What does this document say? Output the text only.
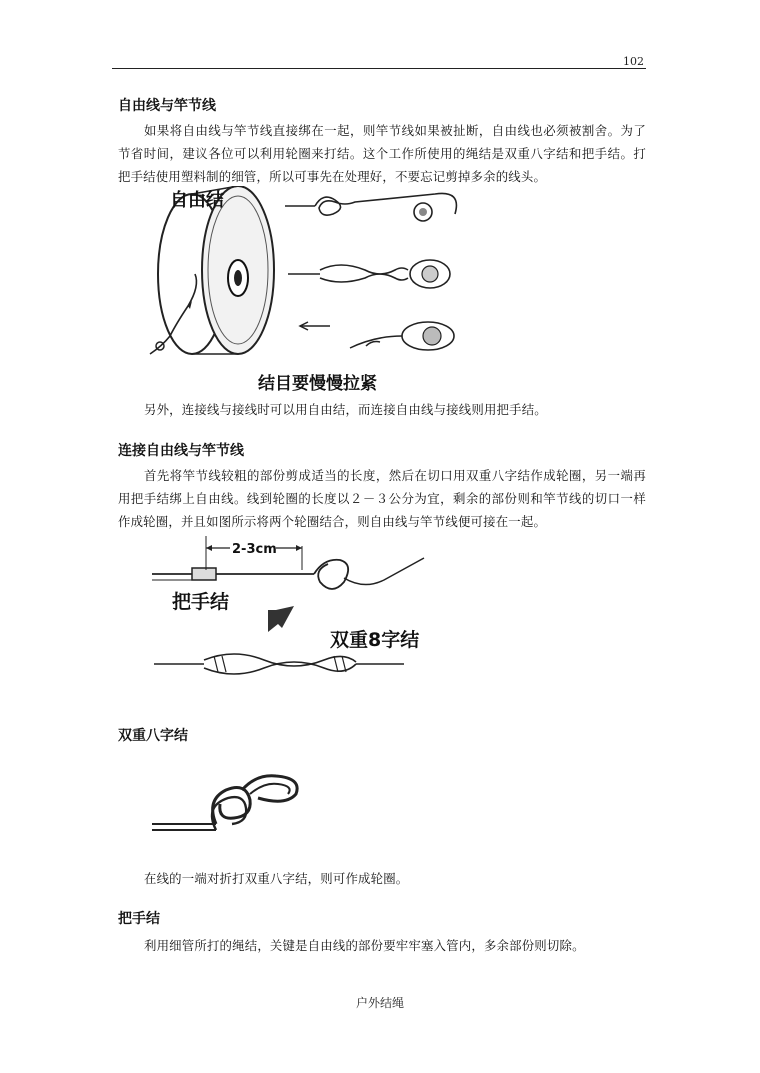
102
自由线与竿节线

如果将自由线与竿节线直接绑在一起，则竿节线如果被扯断，自由线也必须被割舍。为了节省时间，建议各位可以利用轮圈来打结。这个工作所使用的绳结是双重八字结和把手结。打把手结使用塑料制的细管，所以可事先在处理好，不要忘记剪掉多余的线头。

自由结
结目要慢慢拉紧

另外，连接线与接线时可以用自由结，而连接自由线与接线则用把手结。

连接自由线与竿节线

首先将竿节线较粗的部份剪成适当的长度，然后在切口用双重八字结作成轮圈，另一端再用把手结绑上自由线。线到轮圈的长度以２－３公分为宜，剩余的部份则和竿节线的切口一样作成轮圈，并且如图所示将两个轮圈结合，则自由线与竿节线便可接在一起。

2-3cm
把手结
双重8字结
双重八字结

在线的一端对折打双重八字结，则可作成轮圈。

把手结

利用细管所打的绳结，关键是自由线的部份要牢牢塞入管内，多余部份则切除。

户外结绳
